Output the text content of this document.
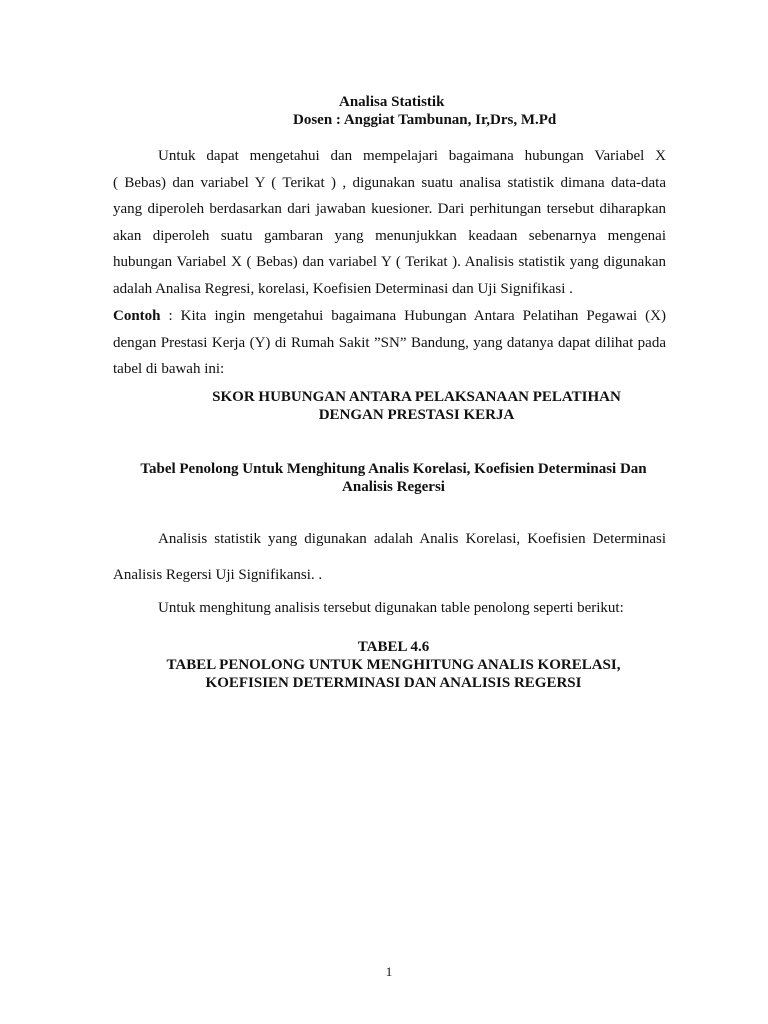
Analisa Statistik
Dosen : Anggiat Tambunan, Ir,Drs, M.Pd
Untuk dapat mengetahui dan mempelajari bagaimana hubungan Variabel X
( Bebas) dan variabel Y ( Terikat ) , digunakan suatu analisa statistik dimana data-data
yang diperoleh berdasarkan dari jawaban kuesioner. Dari perhitungan tersebut diharapkan
akan diperoleh suatu gambaran yang menunjukkan keadaan sebenarnya mengenai
hubungan Variabel X ( Bebas) dan variabel Y ( Terikat ). Analisis statistik yang digunakan
adalah Analisa Regresi, korelasi, Koefisien Determinasi dan Uji Signifikasi .
Contoh : Kita ingin mengetahui bagaimana Hubungan Antara Pelatihan Pegawai (X)
dengan Prestasi Kerja (Y) di Rumah Sakit ”SN” Bandung, yang datanya dapat dilihat pada
tabel di bawah ini:
SKOR HUBUNGAN ANTARA PELAKSANAAN PELATIHAN
DENGAN PRESTASI KERJA
Tabel Penolong Untuk Menghitung Analis Korelasi, Koefisien Determinasi Dan
Analisis Regersi
Analisis statistik yang digunakan adalah Analis Korelasi, Koefisien Determinasi
Analisis Regersi Uji Signifikansi. .
Untuk menghitung analisis tersebut digunakan table penolong seperti berikut:
TABEL 4.6
TABEL PENOLONG UNTUK MENGHITUNG ANALIS KORELASI,
KOEFISIEN DETERMINASI DAN ANALISIS REGERSI
1
